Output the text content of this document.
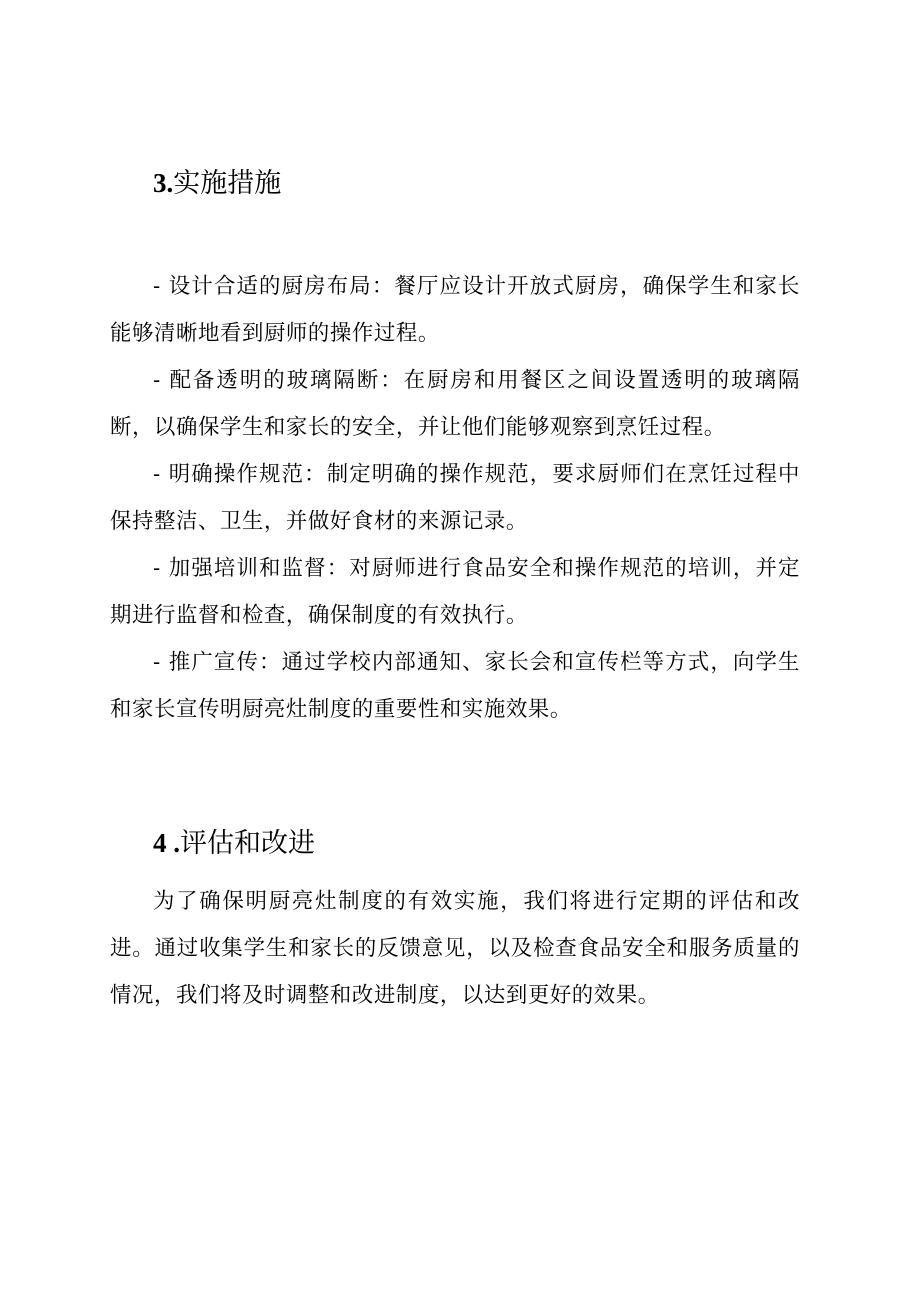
3.实施措施

- 设计合适的厨房布局：餐厅应设计开放式厨房，确保学生和家长能够清晰地看到厨师的操作过程。

- 配备透明的玻璃隔断：在厨房和用餐区之间设置透明的玻璃隔断，以确保学生和家长的安全，并让他们能够观察到烹饪过程。

- 明确操作规范：制定明确的操作规范，要求厨师们在烹饪过程中保持整洁、卫生，并做好食材的来源记录。

- 加强培训和监督：对厨师进行食品安全和操作规范的培训，并定期进行监督和检查，确保制度的有效执行。

- 推广宣传：通过学校内部通知、家长会和宣传栏等方式，向学生和家长宣传明厨亮灶制度的重要性和实施效果。

4 .评估和改进

为了确保明厨亮灶制度的有效实施，我们将进行定期的评估和改进。通过收集学生和家长的反馈意见，以及检查食品安全和服务质量的情况，我们将及时调整和改进制度，以达到更好的效果。
